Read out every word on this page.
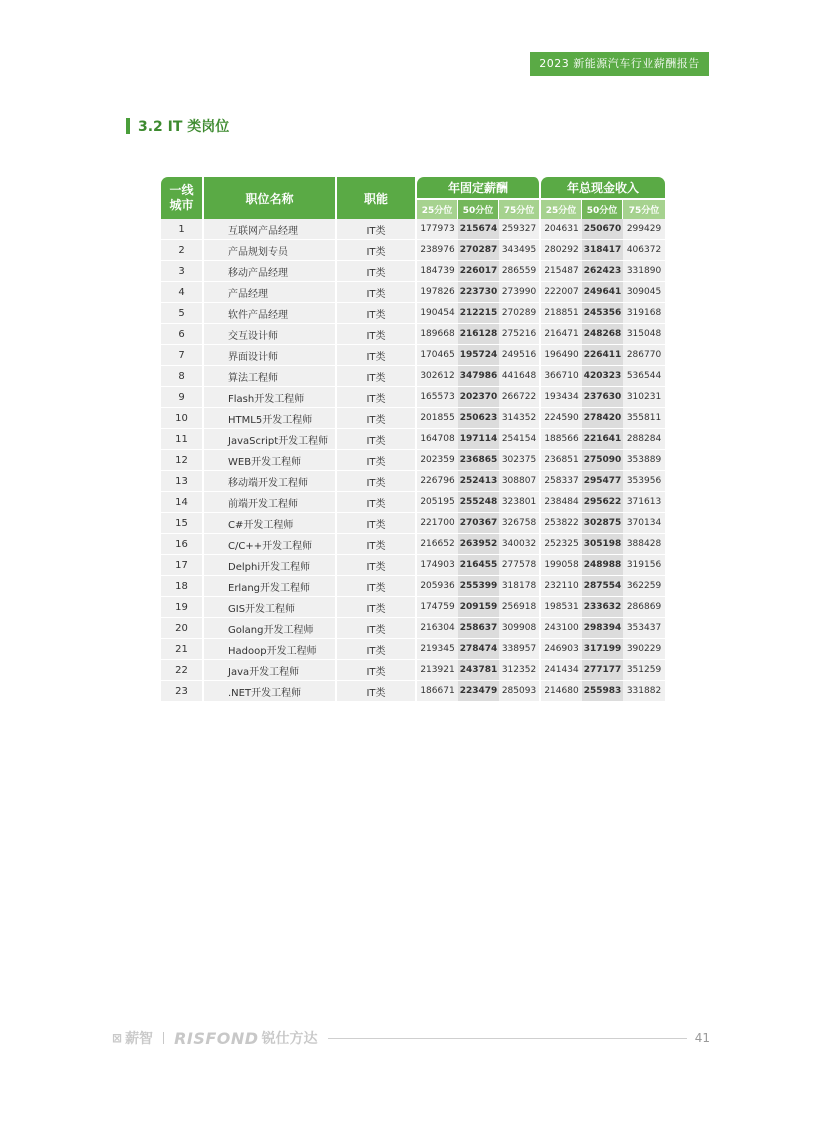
2023 新能源汽车行业薪酬报告
3.2 IT 类岗位
一线
城市	职位名称	职能	年固定薪酬			年总现金收入		
			25分位	50分位	75分位	25分位	50分位	75分位
1	互联网产品经理	IT类	177973	215674	259327	204631	250670	299429
2	产品规划专员	IT类	238976	270287	343495	280292	318417	406372
3	移动产品经理	IT类	184739	226017	286559	215487	262423	331890
4	产品经理	IT类	197826	223730	273990	222007	249641	309045
5	软件产品经理	IT类	190454	212215	270289	218851	245356	319168
6	交互设计师	IT类	189668	216128	275216	216471	248268	315048
7	界面设计师	IT类	170465	195724	249516	196490	226411	286770
8	算法工程师	IT类	302612	347986	441648	366710	420323	536544
9	Flash开发工程师	IT类	165573	202370	266722	193434	237630	310231
10	HTML5开发工程师	IT类	201855	250623	314352	224590	278420	355811
11	JavaScript开发工程师	IT类	164708	197114	254154	188566	221641	288284
12	WEB开发工程师	IT类	202359	236865	302375	236851	275090	353889
13	移动端开发工程师	IT类	226796	252413	308807	258337	295477	353956
14	前端开发工程师	IT类	205195	255248	323801	238484	295622	371613
15	C#开发工程师	IT类	221700	270367	326758	253822	302875	370134
16	C/C++开发工程师	IT类	216652	263952	340032	252325	305198	388428
17	Delphi开发工程师	IT类	174903	216455	277578	199058	248988	319156
18	Erlang开发工程师	IT类	205936	255399	318178	232110	287554	362259
19	GIS开发工程师	IT类	174759	209159	256918	198531	233632	286869
20	Golang开发工程师	IT类	216304	258637	309908	243100	298394	353437
21	Hadoop开发工程师	IT类	219345	278474	338957	246903	317199	390229
22	Java开发工程师	IT类	213921	243781	312352	241434	277177	351259
23	.NET开发工程师	IT类	186671	223479	285093	214680	255983	331882
⊠ 薪智 RISFOND 锐仕方达	41
